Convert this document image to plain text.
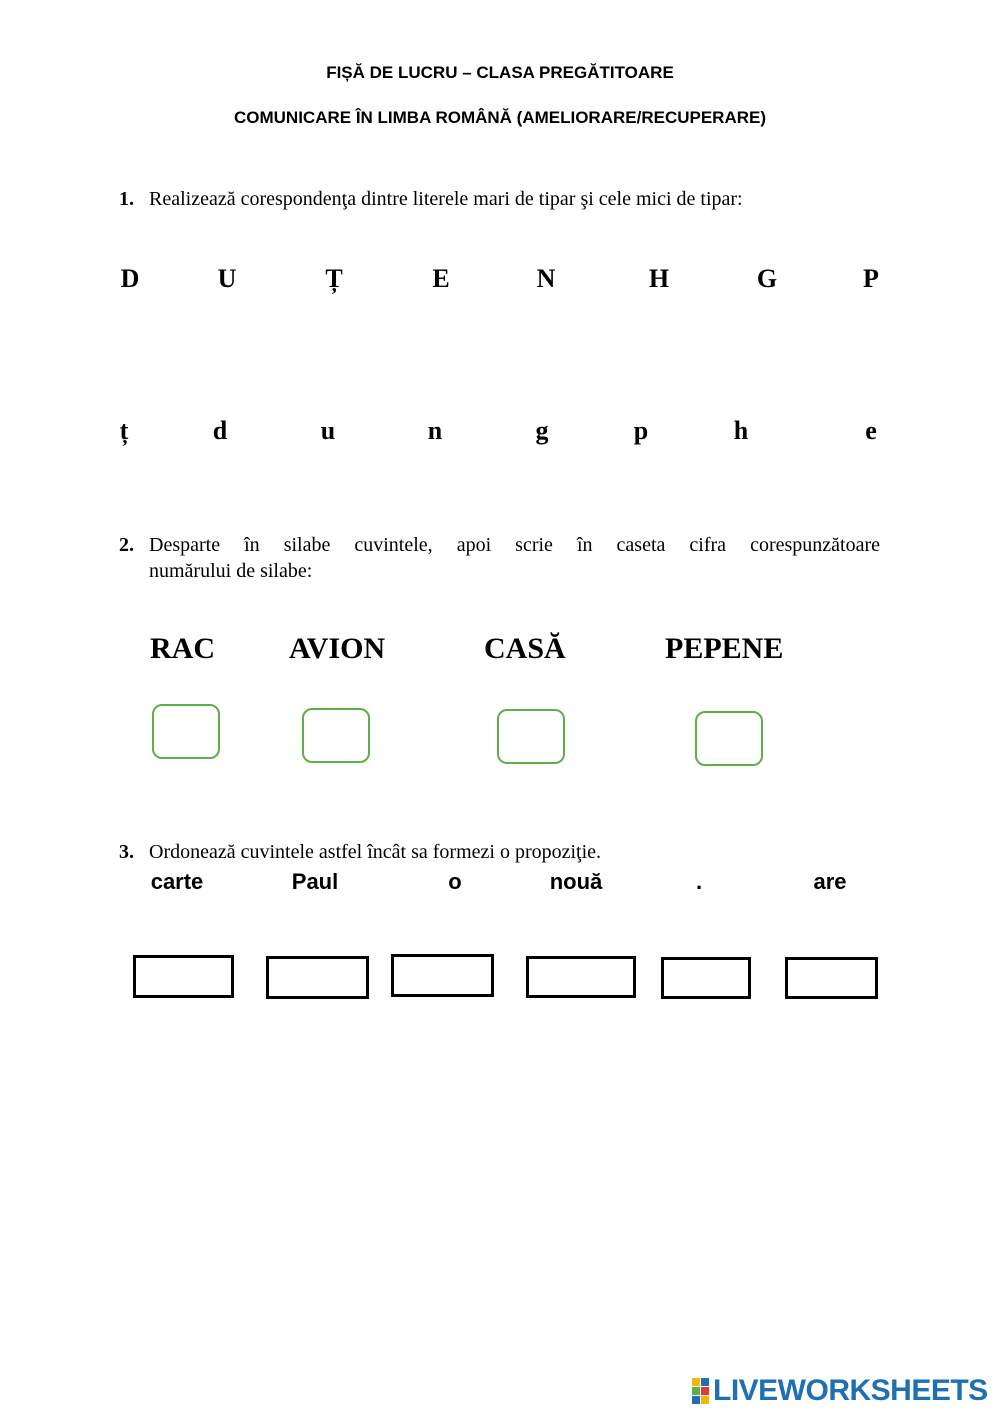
FIȘĂ DE LUCRU – CLASA PREGĂTITOARE
COMUNICARE ÎN LIMBA ROMÂNĂ (AMELIORARE/RECUPERARE)
1. Realizează corespondenţa dintre literele mari de tipar şi cele mici de tipar:
D	U	Ț	E	N	H	G	P
ț	d	u	n	g	p	h	e
2. Desparte în silabe cuvintele, apoi scrie în caseta cifra corespunzătoare
numărului de silabe:
RAC AVION	CASĂ	PEPENE
3. Ordonează cuvintele astfel încât sa formezi o propoziţie.
carte	Paul	o	nouă	.	are
LIVEWORKSHEETS
